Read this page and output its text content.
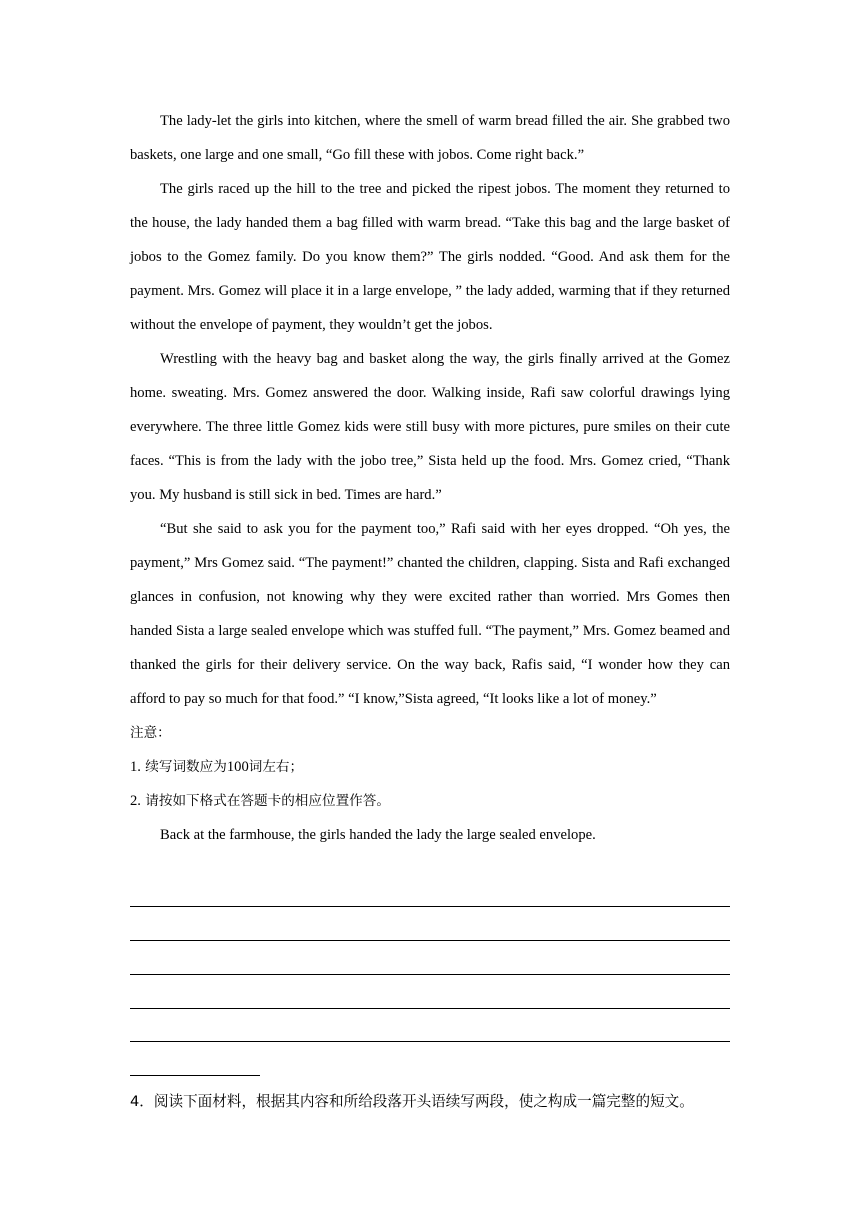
The lady-let the girls into kitchen, where the smell of warm bread filled the air. She grabbed two baskets, one large and one small, “Go fill these with jobos. Come right back.”

The girls raced up the hill to the tree and picked the ripest jobos. The moment they returned to the house, the lady handed them a bag filled with warm bread. “Take this bag and the large basket of jobos to the Gomez family. Do you know them?” The girls nodded. “Good. And ask them for the payment. Mrs. Gomez will place it in a large envelope, ” the lady added, warming that if they returned without the envelope of payment, they wouldn’t get the jobos.

Wrestling with the heavy bag and basket along the way, the girls finally arrived at the Gomez home. sweating. Mrs. Gomez answered the door. Walking inside, Rafi saw colorful drawings lying everywhere. The three little Gomez kids were still busy with more pictures, pure smiles on their cute faces. “This is from the lady with the jobo tree,” Sista held up the food. Mrs. Gomez cried, “Thank you. My husband is still sick in bed. Times are hard.”

“But she said to ask you for the payment too,” Rafi said with her eyes dropped. “Oh yes, the payment,” Mrs Gomez said. “The payment!” chanted the children, clapping. Sista and Rafi exchanged glances in confusion, not knowing why they were excited rather than worried. Mrs Gomes then handed Sista a large sealed envelope which was stuffed full. “The payment,” Mrs. Gomez beamed and thanked the girls for their delivery service. On the way back, Rafis said, “I wonder how they can afford to pay so much for that food.” “I know,”Sista agreed, “It looks like a lot of money.”

注意：

1. 续写词数应为100词左右；

2. 请按如下格式在答题卡的相应位置作答。

Back at the farmhouse, the girls handed the lady the large sealed envelope.

4．阅读下面材料，根据其内容和所给段落开头语续写两段，使之构成一篇完整的短文。
